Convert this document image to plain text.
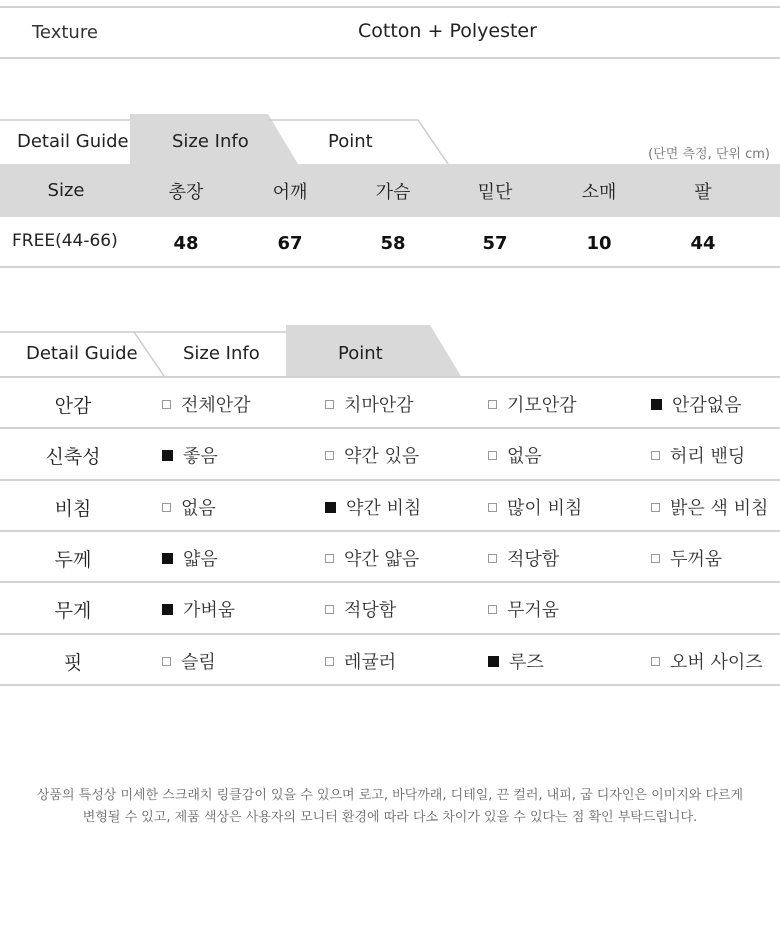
Texture	Cotton + Polyester
Detail Guide Size Info	Point
(단면 측정, 단위 cm)
Size	총장	어깨	가슴	밑단	소매	팔
FREE(44-66)	48	67	58	57	10	44
Detail Guide	Size Info	Point
안감	전체안감	치마안감	기모안감	안감없음
신축성	좋음	약간 있음	없음	허리 밴딩
비침	없음	약간 비침	많이 비침	밝은 색 비침
두께	얇음	약간 얇음	적당함	두꺼움
무게	가벼움	적당함	무거움
핏	슬림	레귤러	루즈	오버 사이즈
상품의 특성상 미세한 스크래치 링클감이 있을 수 있으며 로고, 바닥까래, 디테일, 끈 컬러, 내피, 굽 디자인은 이미지와 다르게
변형될 수 있고, 제품 색상은 사용자의 모니터 환경에 따라 다소 차이가 있을 수 있다는 점 확인 부탁드립니다.
